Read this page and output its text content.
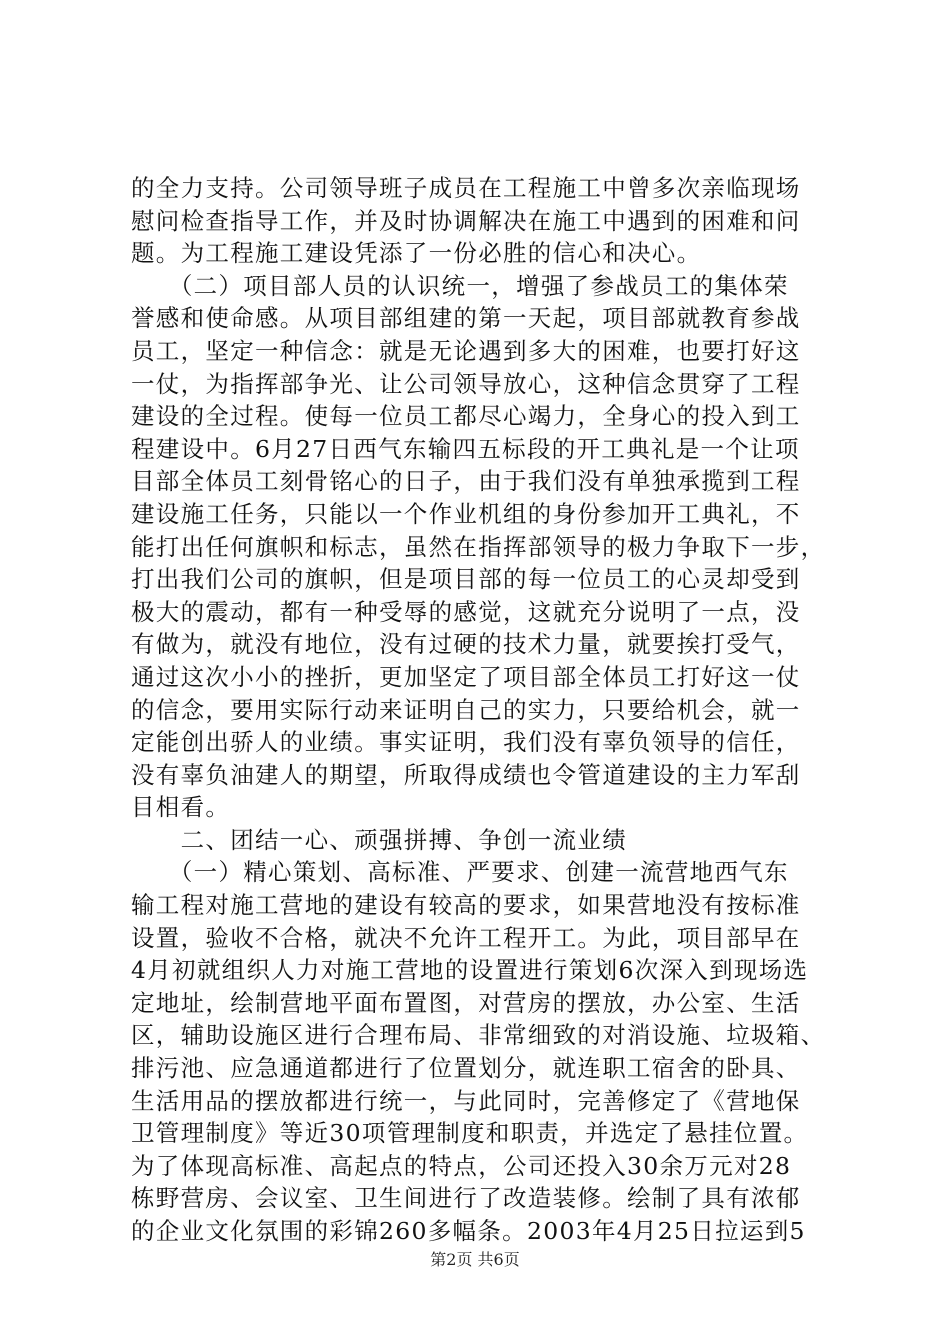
的全力支持。公司领导班子成员在工程施工中曾多次亲临现场
慰问检查指导工作，并及时协调解决在施工中遇到的困难和问
题。为工程施工建设凭添了一份必胜的信心和决心。
　　（二）项目部人员的认识统一，增强了参战员工的集体荣
誉感和使命感。从项目部组建的第一天起，项目部就教育参战
员工，坚定一种信念：就是无论遇到多大的困难，也要打好这
一仗，为指挥部争光、让公司领导放心，这种信念贯穿了工程
建设的全过程。使每一位员工都尽心竭力，全身心的投入到工
程建设中。6月27日西气东输四五标段的开工典礼是一个让项
目部全体员工刻骨铭心的日子，由于我们没有单独承揽到工程
建设施工任务，只能以一个作业机组的身份参加开工典礼，不
能打出任何旗帜和标志，虽然在指挥部领导的极力争取下一步，
打出我们公司的旗帜，但是项目部的每一位员工的心灵却受到
极大的震动，都有一种受辱的感觉，这就充分说明了一点，没
有做为，就没有地位，没有过硬的技术力量，就要挨打受气，
通过这次小小的挫折，更加坚定了项目部全体员工打好这一仗
的信念，要用实际行动来证明自己的实力，只要给机会，就一
定能创出骄人的业绩。事实证明，我们没有辜负领导的信任，
没有辜负油建人的期望，所取得成绩也令管道建设的主力军刮
目相看。
　　二、团结一心、顽强拼搏、争创一流业绩
　　（一）精心策划、高标准、严要求、创建一流营地西气东
输工程对施工营地的建设有较高的要求，如果营地没有按标准
设置，验收不合格，就决不允许工程开工。为此，项目部早在
4月初就组织人力对施工营地的设置进行策划6次深入到现场选
定地址，绘制营地平面布置图，对营房的摆放，办公室、生活
区，辅助设施区进行合理布局、非常细致的对消设施、垃圾箱、
排污池、应急通道都进行了位置划分，就连职工宿舍的卧具、
生活用品的摆放都进行统一，与此同时，完善修定了《营地保
卫管理制度》等近30项管理制度和职责，并选定了悬挂位置。
为了体现高标准、高起点的特点，公司还投入30余万元对28
栋野营房、会议室、卫生间进行了改造装修。绘制了具有浓郁
的企业文化氛围的彩锦260多幅条。2003年4月25日拉运到5
第2页 共6页
